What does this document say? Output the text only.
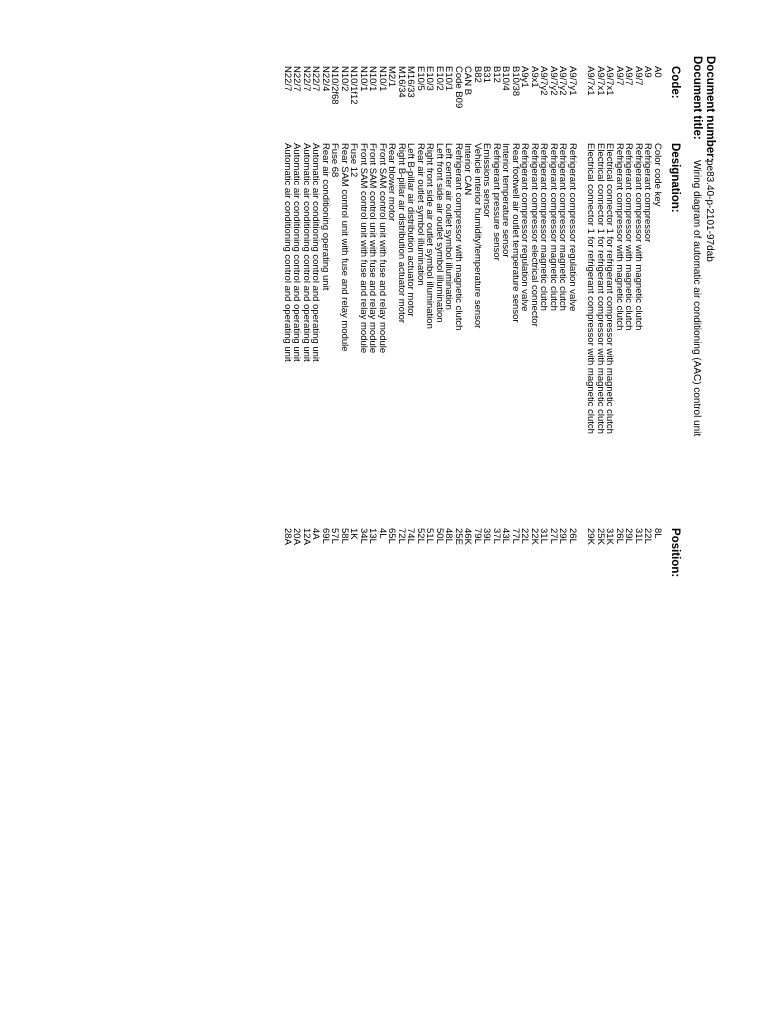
Document number:pe83.40-p-2101-97dab
Document title:Wiring diagram of automatic air conditioning (AAC) control unit
Code:
Designation:
Position:
A0
Color code key
8L
A9
Refrigerant compressor
22L
A9/7
Refrigerant compressor with magnetic clutch
31L
A9/7
Refrigerant compressor with magnetic clutch
29L
A9/7
Refrigerant compressor with magnetic clutch
26L
A9/7x1
Electrical connector 1 for refrigerant compressor with magnetic clutch
31K
A9/7x1
Electrical connector 1 for refrigerant compressor with magnetic clutch
25K
A9/7x1
Electrical connector 1 for refrigerant compressor with magnetic clutch
29K
A9/7y1
Refrigerant compressor regulation valve
26L
A9/7y2
Refrigerant compressor magnetic clutch
29L
A9/7y2
Refrigerant compressor magnetic clutch
27L
A9/7y2
Refrigerant compressor magnetic clutch
31L
A9x1
Refrigerant compressor electrical connector
22K
A9y1
Refrigerant compressor regulation valve
22L
B10/38
Rear footwell air outlet temperature sensor
77L
B10/4
Interior temperature sensor
43L
B12
Refrigerant pressure sensor
37L
B31
Emissions sensor
39L
B82
Vehicle interior humidity/temperature sensor
79L
CAN B
Interior CAN
46K
Code B09
Refrigerant compressor with magnetic clutch
25E
E10/1
Left center air outlet symbol illumination
48L
E10/2
Left front side air outlet symbol illumination
50L
E10/3
Right front side air outlet symbol illumination
51L
E10/5
Rear air outlet symbol illumination
52L
M16/33
Left B-pillar air distribution actuator motor
74L
M16/34
Right B-pillar air distribution actuator motor
72L
M2/1
Rear blower motor
65L
N10/1
Front SAM control unit with fuse and relay module
4L
N10/1
Front SAM control unit with fuse and relay module
13L
N10/1
Front SAM control unit with fuse and relay module
34L
N10/1f12
Fuse 12
1K
N10/2
Rear SAM control unit with fuse and relay module
58L
N10/2f68
Fuse 68
57L
N22/4
Rear air conditioning operating unit
69L
N22/7
Automatic air conditioning control and operating unit
4A
N22/7
Automatic air conditioning control and operating unit
12A
N22/7
Automatic air conditioning control and operating unit
20A
N22/7
Automatic air conditioning control and operating unit
28A
